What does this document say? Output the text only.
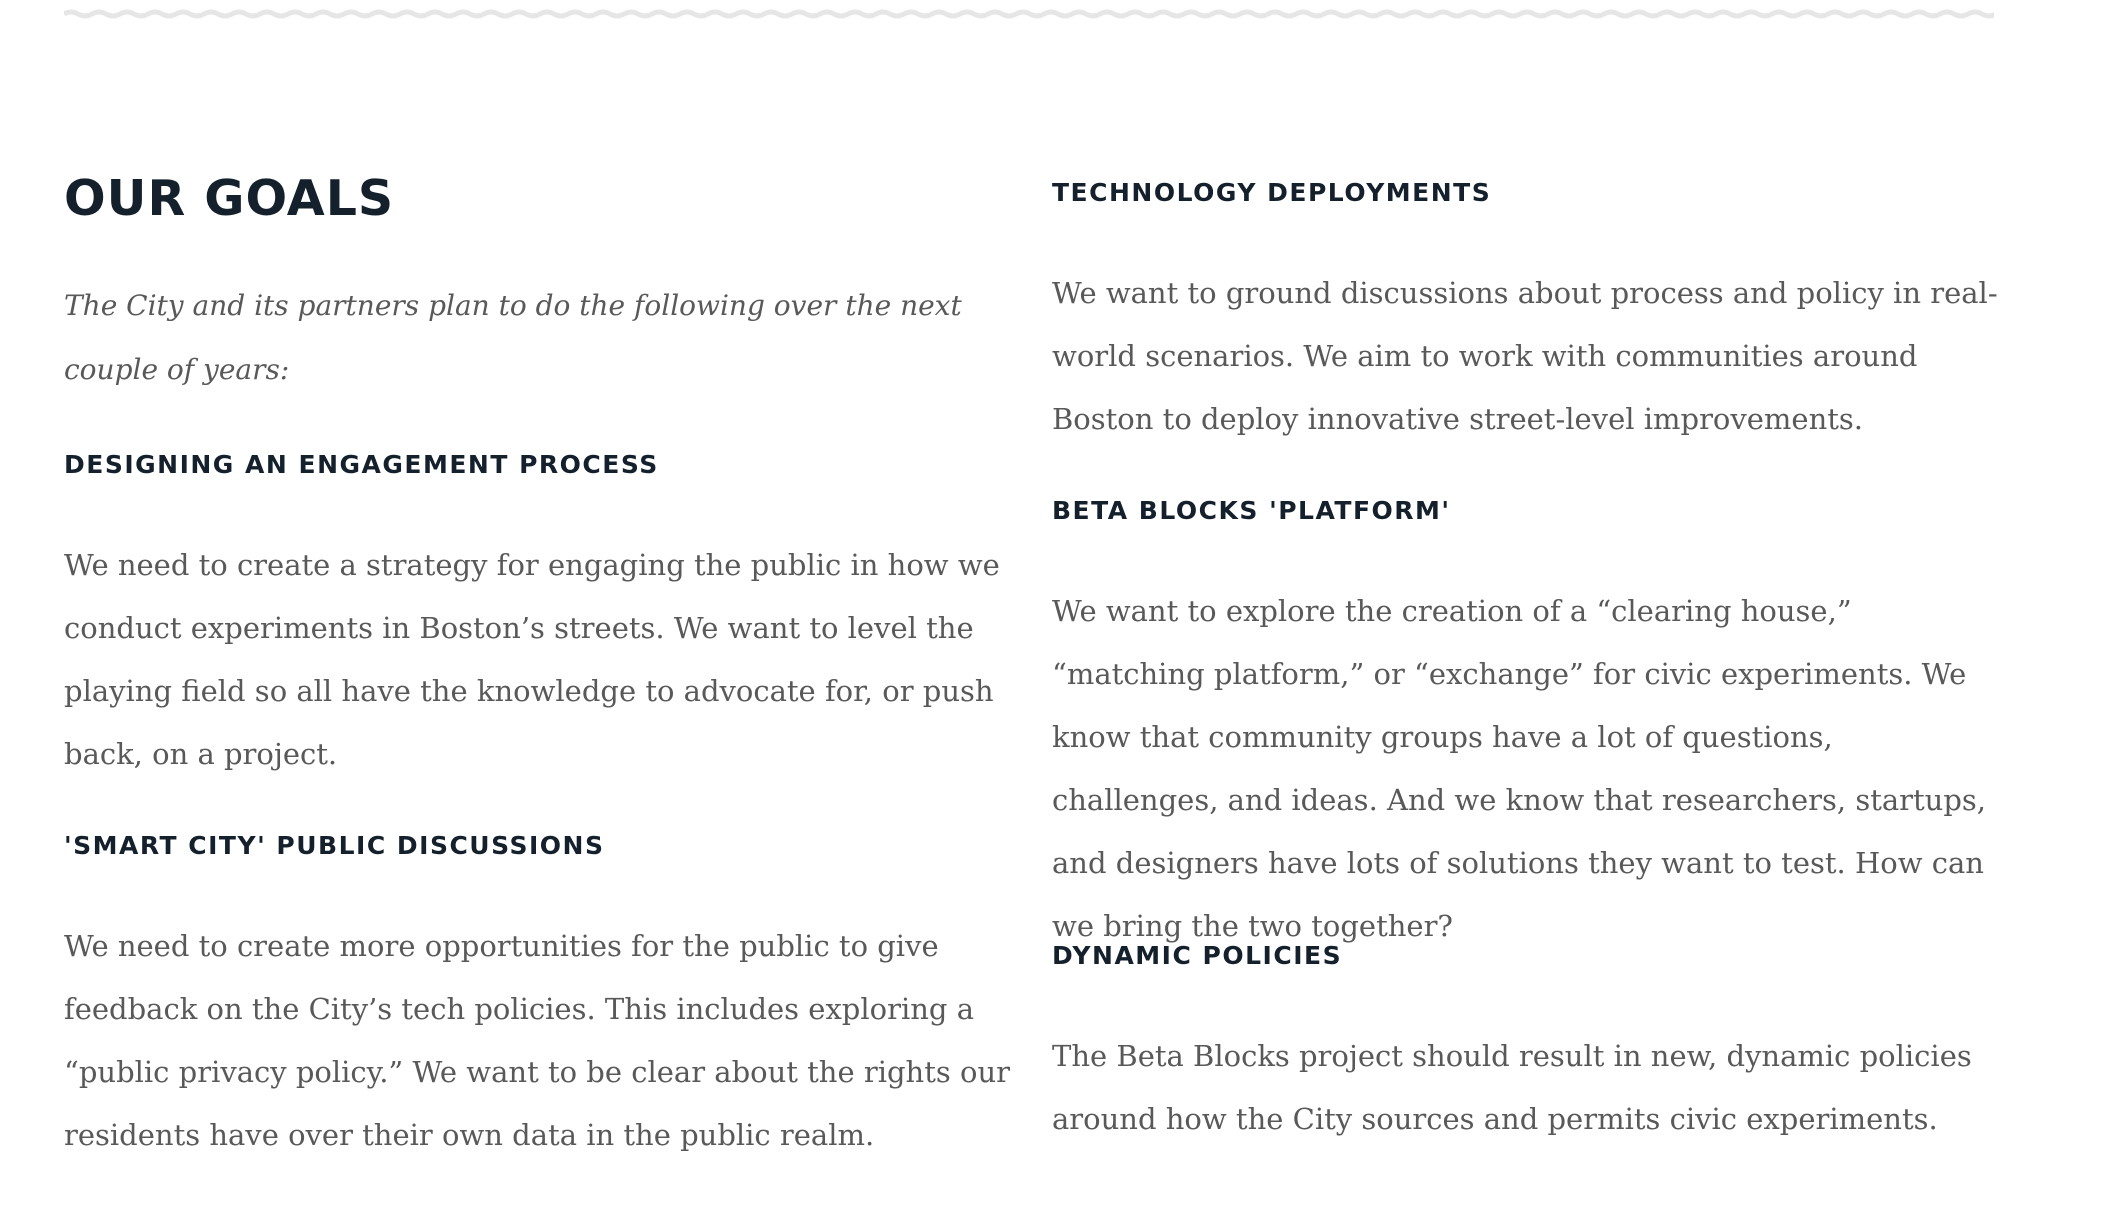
OUR GOALS

The City and its partners plan to do the following over the next couple of years:

DESIGNING AN ENGAGEMENT PROCESS

We need to create a strategy for engaging the public in how we conduct experiments in Boston’s streets. We want to level the playing field so all have the knowledge to advocate for, or push back, on a project.

'SMART CITY' PUBLIC DISCUSSIONS

We need to create more opportunities for the public to give feedback on the City’s tech policies. This includes exploring a “public privacy policy.” We want to be clear about the rights our residents have over their own data in the public realm.

TECHNOLOGY DEPLOYMENTS

We want to ground discussions about process and policy in real-world scenarios. We aim to work with communities around Boston to deploy innovative street-level improvements.

BETA BLOCKS 'PLATFORM'

We want to explore the creation of a “clearing house,” “matching platform,” or “exchange” for civic experiments. We know that community groups have a lot of questions, challenges, and ideas. And we know that researchers, startups, and designers have lots of solutions they want to test. How can we bring the two together?

DYNAMIC POLICIES

The Beta Blocks project should result in new, dynamic policies around how the City sources and permits civic experiments.
